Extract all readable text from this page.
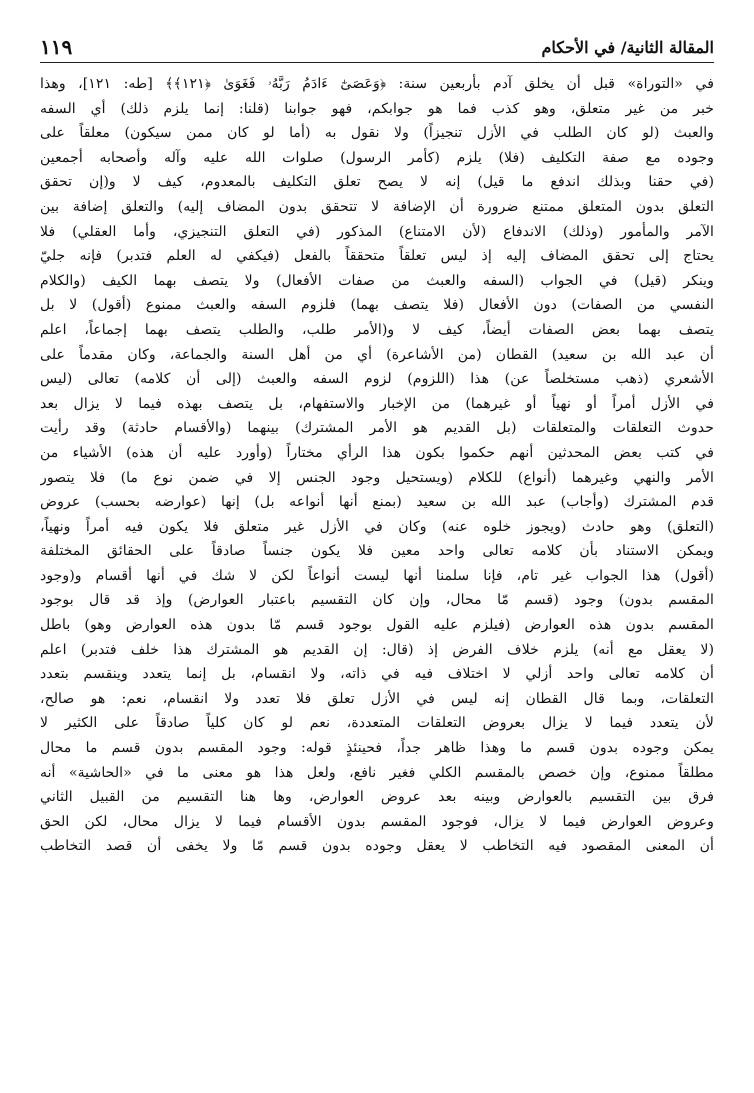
١١٩	المقالة الثانية/ في الأحكام
في «التوراة» قبل أن يخلق آدم بأربعين سنة: ﴿وَعَصَىٰٓ ءَادَمُ رَبَّهُۥ فَغَوَىٰ ﴿١٢١﴾﴾ [طه: ١٢١]، وهذا
خبر من غير متعلق، وهو كذب فما هو جوابكم، فهو جوابنا (قلنا: إنما يلزم ذلك) أي السفه
والعبث (لو كان الطلب في الأزل تنجيزاً) ولا نقول به (أما لو كان ممن سيكون) معلقاً على
وجوده مع صفة التكليف (فلا) يلزم (كأمر الرسول) صلوات الله عليه وآله وأصحابه أجمعين
(في حقنا وبذلك اندفع ما قيل) إنه لا يصح تعلق التكليف بالمعدوم، كيف لا و(إن تحقق
التعلق بدون المتعلق ممتنع ضرورة أن الإضافة لا تتحقق بدون المضاف إليه) والتعلق إضافة بين
الآمر والمأمور (وذلك) الاندفاع (لأن الامتناع) المذكور (في التعلق التنجيزي، وأما العقلي) فلا
يحتاج إلى تحقق المضاف إليه إذ ليس تعلقاً متحققاً بالفعل (فيكفي له العلم فتدبر) فإنه جليّ
وينكر (قيل) في الجواب (السفه والعبث من صفات الأفعال) ولا يتصف بهما الكيف (والكلام
النفسي من الصفات) دون الأفعال (فلا يتصف بهما) فلزوم السفه والعبث ممنوع (أقول) لا بل
يتصف بهما بعض الصفات أيضاً، كيف لا و(الأمر طلب، والطلب يتصف بهما إجماعاً، اعلم
أن عبد الله بن سعيد) القطان (من الأشاعرة) أي من أهل السنة والجماعة، وكان مقدماً على
الأشعري (ذهب مستخلصاً عن) هذا (اللزوم) لزوم السفه والعبث (إلى أن كلامه) تعالى (ليس
في الأزل أمراً أو نهياً أو غيرهما) من الإخبار والاستفهام، بل يتصف بهذه فيما لا يزال بعد
حدوث التعلقات والمتعلقات (بل القديم هو الأمر المشترك) بينهما (والأقسام حادثة) وقد رأيت
في كتب بعض المحدثين أنهم حكموا بكون هذا الرأي مختاراً (وأورد عليه أن هذه) الأشياء من
الأمر والنهي وغيرهما (أنواع) للكلام (ويستحيل وجود الجنس إلا في ضمن نوع ما) فلا يتصور
قدم المشترك (وأجاب) عبد الله بن سعيد (بمنع أنها أنواعه بل) إنها (عوارضه بحسب) عروض
(التعلق) وهو حادث (ويجوز خلوه عنه) وكان في الأزل غير متعلق فلا يكون فيه أمراً ونهياً،
ويمكن الاستناد بأن كلامه تعالى واحد معين فلا يكون جنساً صادقاً على الحقائق المختلفة
(أقول) هذا الجواب غير تام، فإنا سلمنا أنها ليست أنواعاً لكن لا شك في أنها أقسام و(وجود
المقسم بدون) وجود (قسم مّا محال، وإن كان التقسيم باعتبار العوارض) وإذ قد قال بوجود
المقسم بدون هذه العوارض (فيلزم عليه القول بوجود قسم مّا بدون هذه العوارض وهو) باطل
(لا يعقل مع أنه) يلزم خلاف الفرض إذ (قال: إن القديم هو المشترك هذا خلف فتدبر) اعلم
أن كلامه تعالى واحد أزلي لا اختلاف فيه في ذاته، ولا انقسام، بل إنما يتعدد وينقسم بتعدد
التعلقات، وبما قال القطان إنه ليس في الأزل تعلق فلا تعدد ولا انقسام، نعم: هو صالح،
لأن يتعدد فيما لا يزال بعروض التعلقات المتعددة، نعم لو كان كلياً صادقاً على الكثير لا
يمكن وجوده بدون قسم ما وهذا ظاهر جداً، فحينئذٍ قوله: وجود المقسم بدون قسم ما محال
مطلقاً ممنوع، وإن خصص بالمقسم الكلي فغير نافع، ولعل هذا هو معنى ما في «الحاشية» أنه
فرق بين التقسيم بالعوارض وبينه بعد عروض العوارض، وها هنا التقسيم من القبيل الثاني
وعروض العوارض فيما لا يزال، فوجود المقسم بدون الأقسام فيما لا يزال محال، لكن الحق
أن المعنى المقصود فيه التخاطب لا يعقل وجوده بدون قسم مّا ولا يخفى أن قصد التخاطب
